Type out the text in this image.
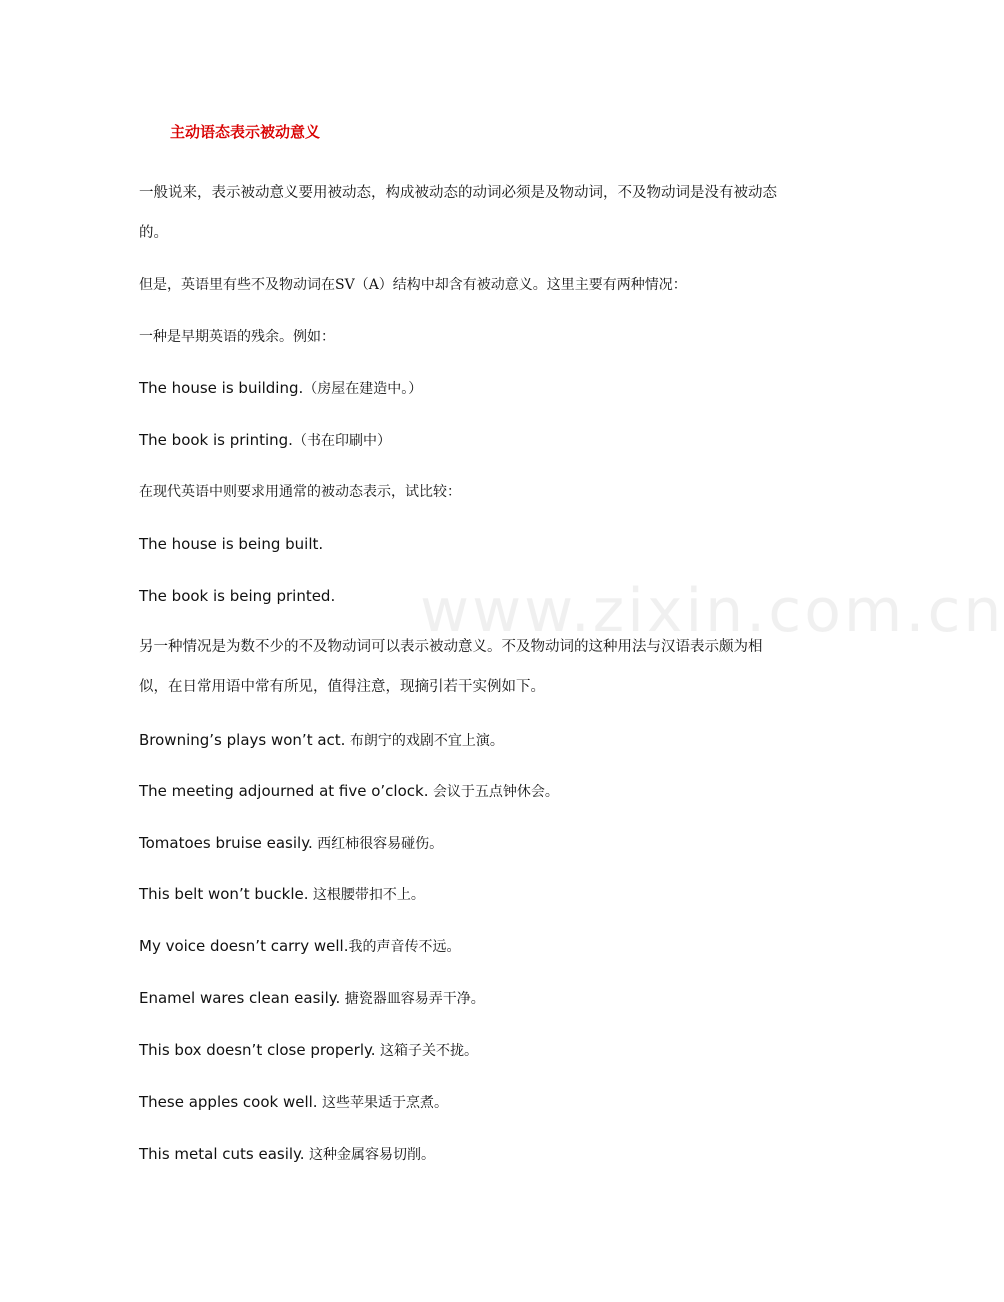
www.zixin.com.cn
主动语态表示被动意义
一般说来，表示被动意义要用被动态，构成被动态的动词必须是及物动词，不及物动词是没有被动态的。
但是，英语里有些不及物动词在SV（A）结构中却含有被动意义。这里主要有两种情况：
一种是早期英语的残余。例如：
The house is building.（房屋在建造中。）
The book is printing.（书在印刷中）
在现代英语中则要求用通常的被动态表示，试比较：
The house is being built.
The book is being printed.
另一种情况是为数不少的不及物动词可以表示被动意义。不及物动词的这种用法与汉语表示颇为相似，在日常用语中常有所见，值得注意，现摘引若干实例如下。
Browning’s plays won’t act. 布朗宁的戏剧不宜上演。
The meeting adjourned at five o’clock. 会议于五点钟休会。
Tomatoes bruise easily. 西红柿很容易碰伤。
This belt won’t buckle. 这根腰带扣不上。
My voice doesn’t carry well.我的声音传不远。
Enamel wares clean easily. 搪瓷器皿容易弄干净。
This box doesn’t close properly. 这箱子关不拢。
These apples cook well. 这些苹果适于烹煮。
This metal cuts easily. 这种金属容易切削。
